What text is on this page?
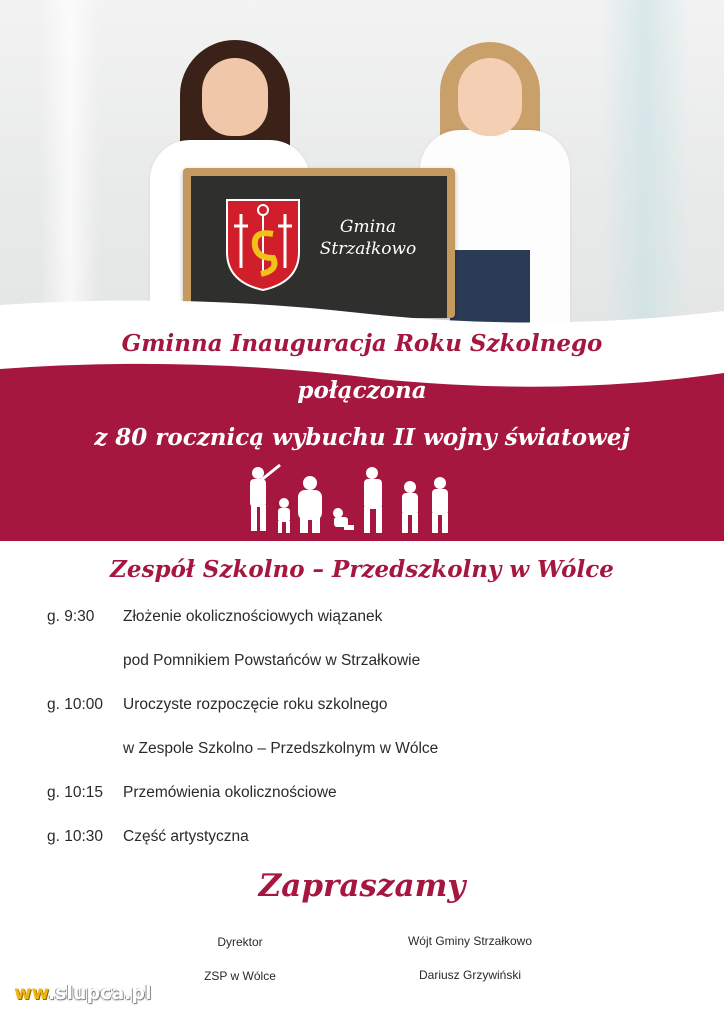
Gmina
Strzałkowo
Gminna Inauguracja Roku Szkolnego
połączona
z 80 rocznicą wybuchu II wojny światowej
Zespół Szkolno – Przedszkolny w Wólce
g. 9:30 Złożenie okolicznościowych wiązanek
pod Pomnikiem Powstańców w Strzałkowie
g. 10:00 Uroczyste rozpoczęcie roku szkolnego
w Zespole Szkolno – Przedszkolnym w Wólce
g. 10:15 Przemówienia okolicznościowe
g. 10:30 Część artystyczna
Zapraszamy
Dyrektor
ZSP w Wólce
Wójt Gminy Strzałkowo
Dariusz Grzywiński
ww.slupca.pl
